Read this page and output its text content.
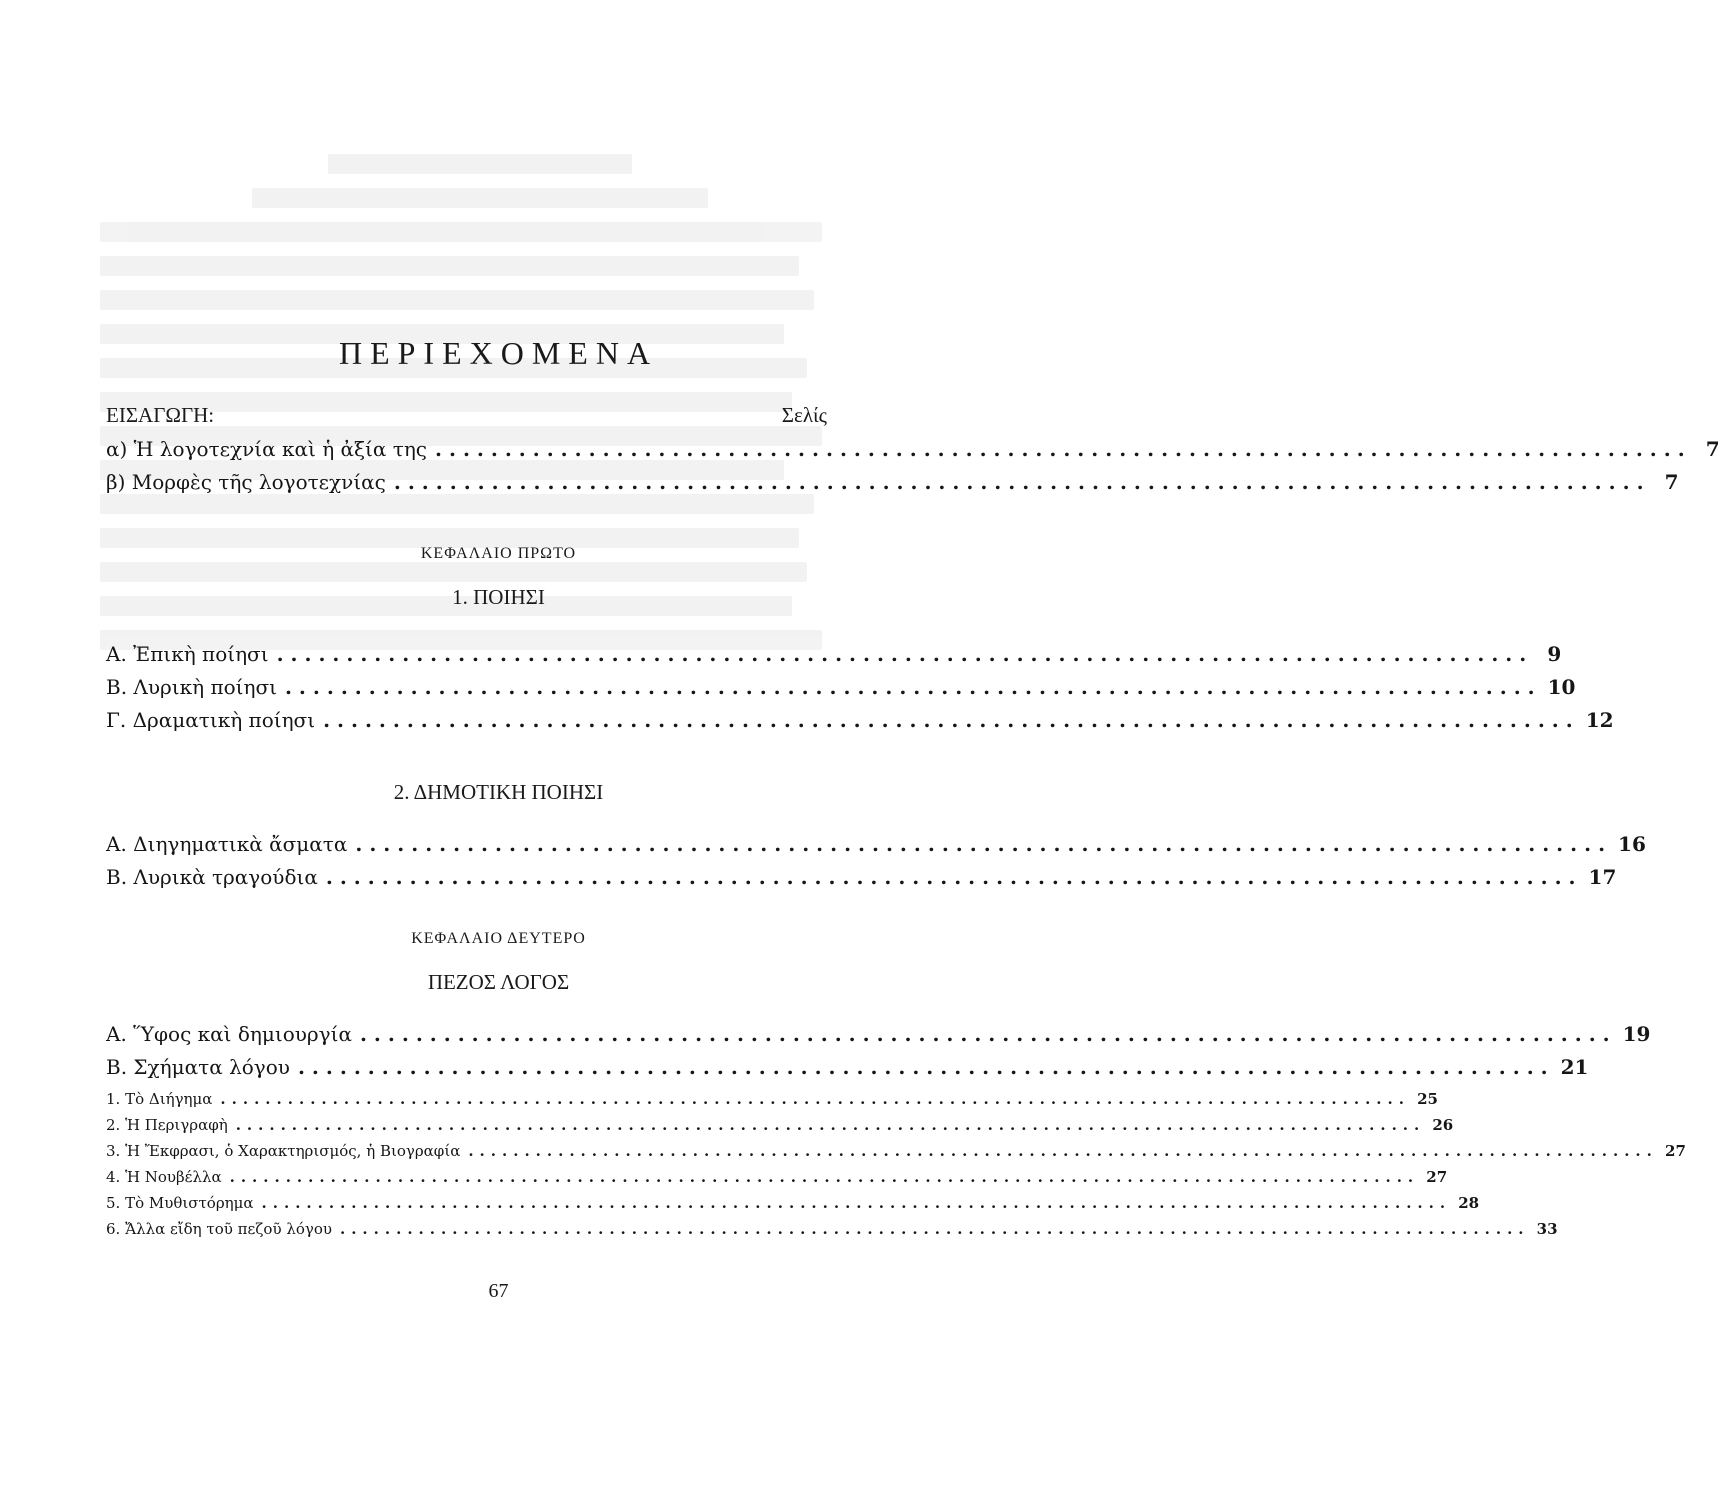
ΠΕΡΙΕΧΟΜΕΝΑ
ΕΙΣΑΓΩΓΗ:	Σελίς
α) Ἡ λογοτεχνία καὶ ἡ ἀξία της .......................................................................................... 7
β) Μορφὲς τῆς λογοτεχνίας .......................................................................................... 7
ΚΕΦΑΛΑΙΟ ΠΡΩΤΟ
1. ΠΟΙΗΣΙ
Α. Ἐπικὴ ποίησι .......................................................................................... 9
Β. Λυρικὴ ποίησι .......................................................................................... 10
Γ. Δραματικὴ ποίησι .......................................................................................... 12
2. ΔΗΜΟΤΙΚΗ ΠΟΙΗΣΙ
Α. Διηγηματικὰ ἄσματα .......................................................................................... 16
Β. Λυρικὰ τραγούδια .......................................................................................... 17
ΚΕΦΑΛΑΙΟ ΔΕΥΤΕΡΟ
ΠΕΖΟΣ ΛΟΓΟΣ
Α. Ὕφος καὶ δημιουργία .......................................................................................... 19
Β. Σχήματα λόγου .......................................................................................... 21
1. Τὸ Διήγημα .......................................................................................................... 25
2. Ἡ Περιγραφὴ .......................................................................................................... 26
3. Ἡ Ἔκφρασι, ὁ Χαρακτηρισμός, ἡ Βιογραφία .......................................................................................................... 27
4. Ἡ Νουβέλλα .......................................................................................................... 27
5. Τὸ Μυθιστόρημα .......................................................................................................... 28
6. Ἄλλα εἴδη τοῦ πεζοῦ λόγου .......................................................................................................... 33
67
